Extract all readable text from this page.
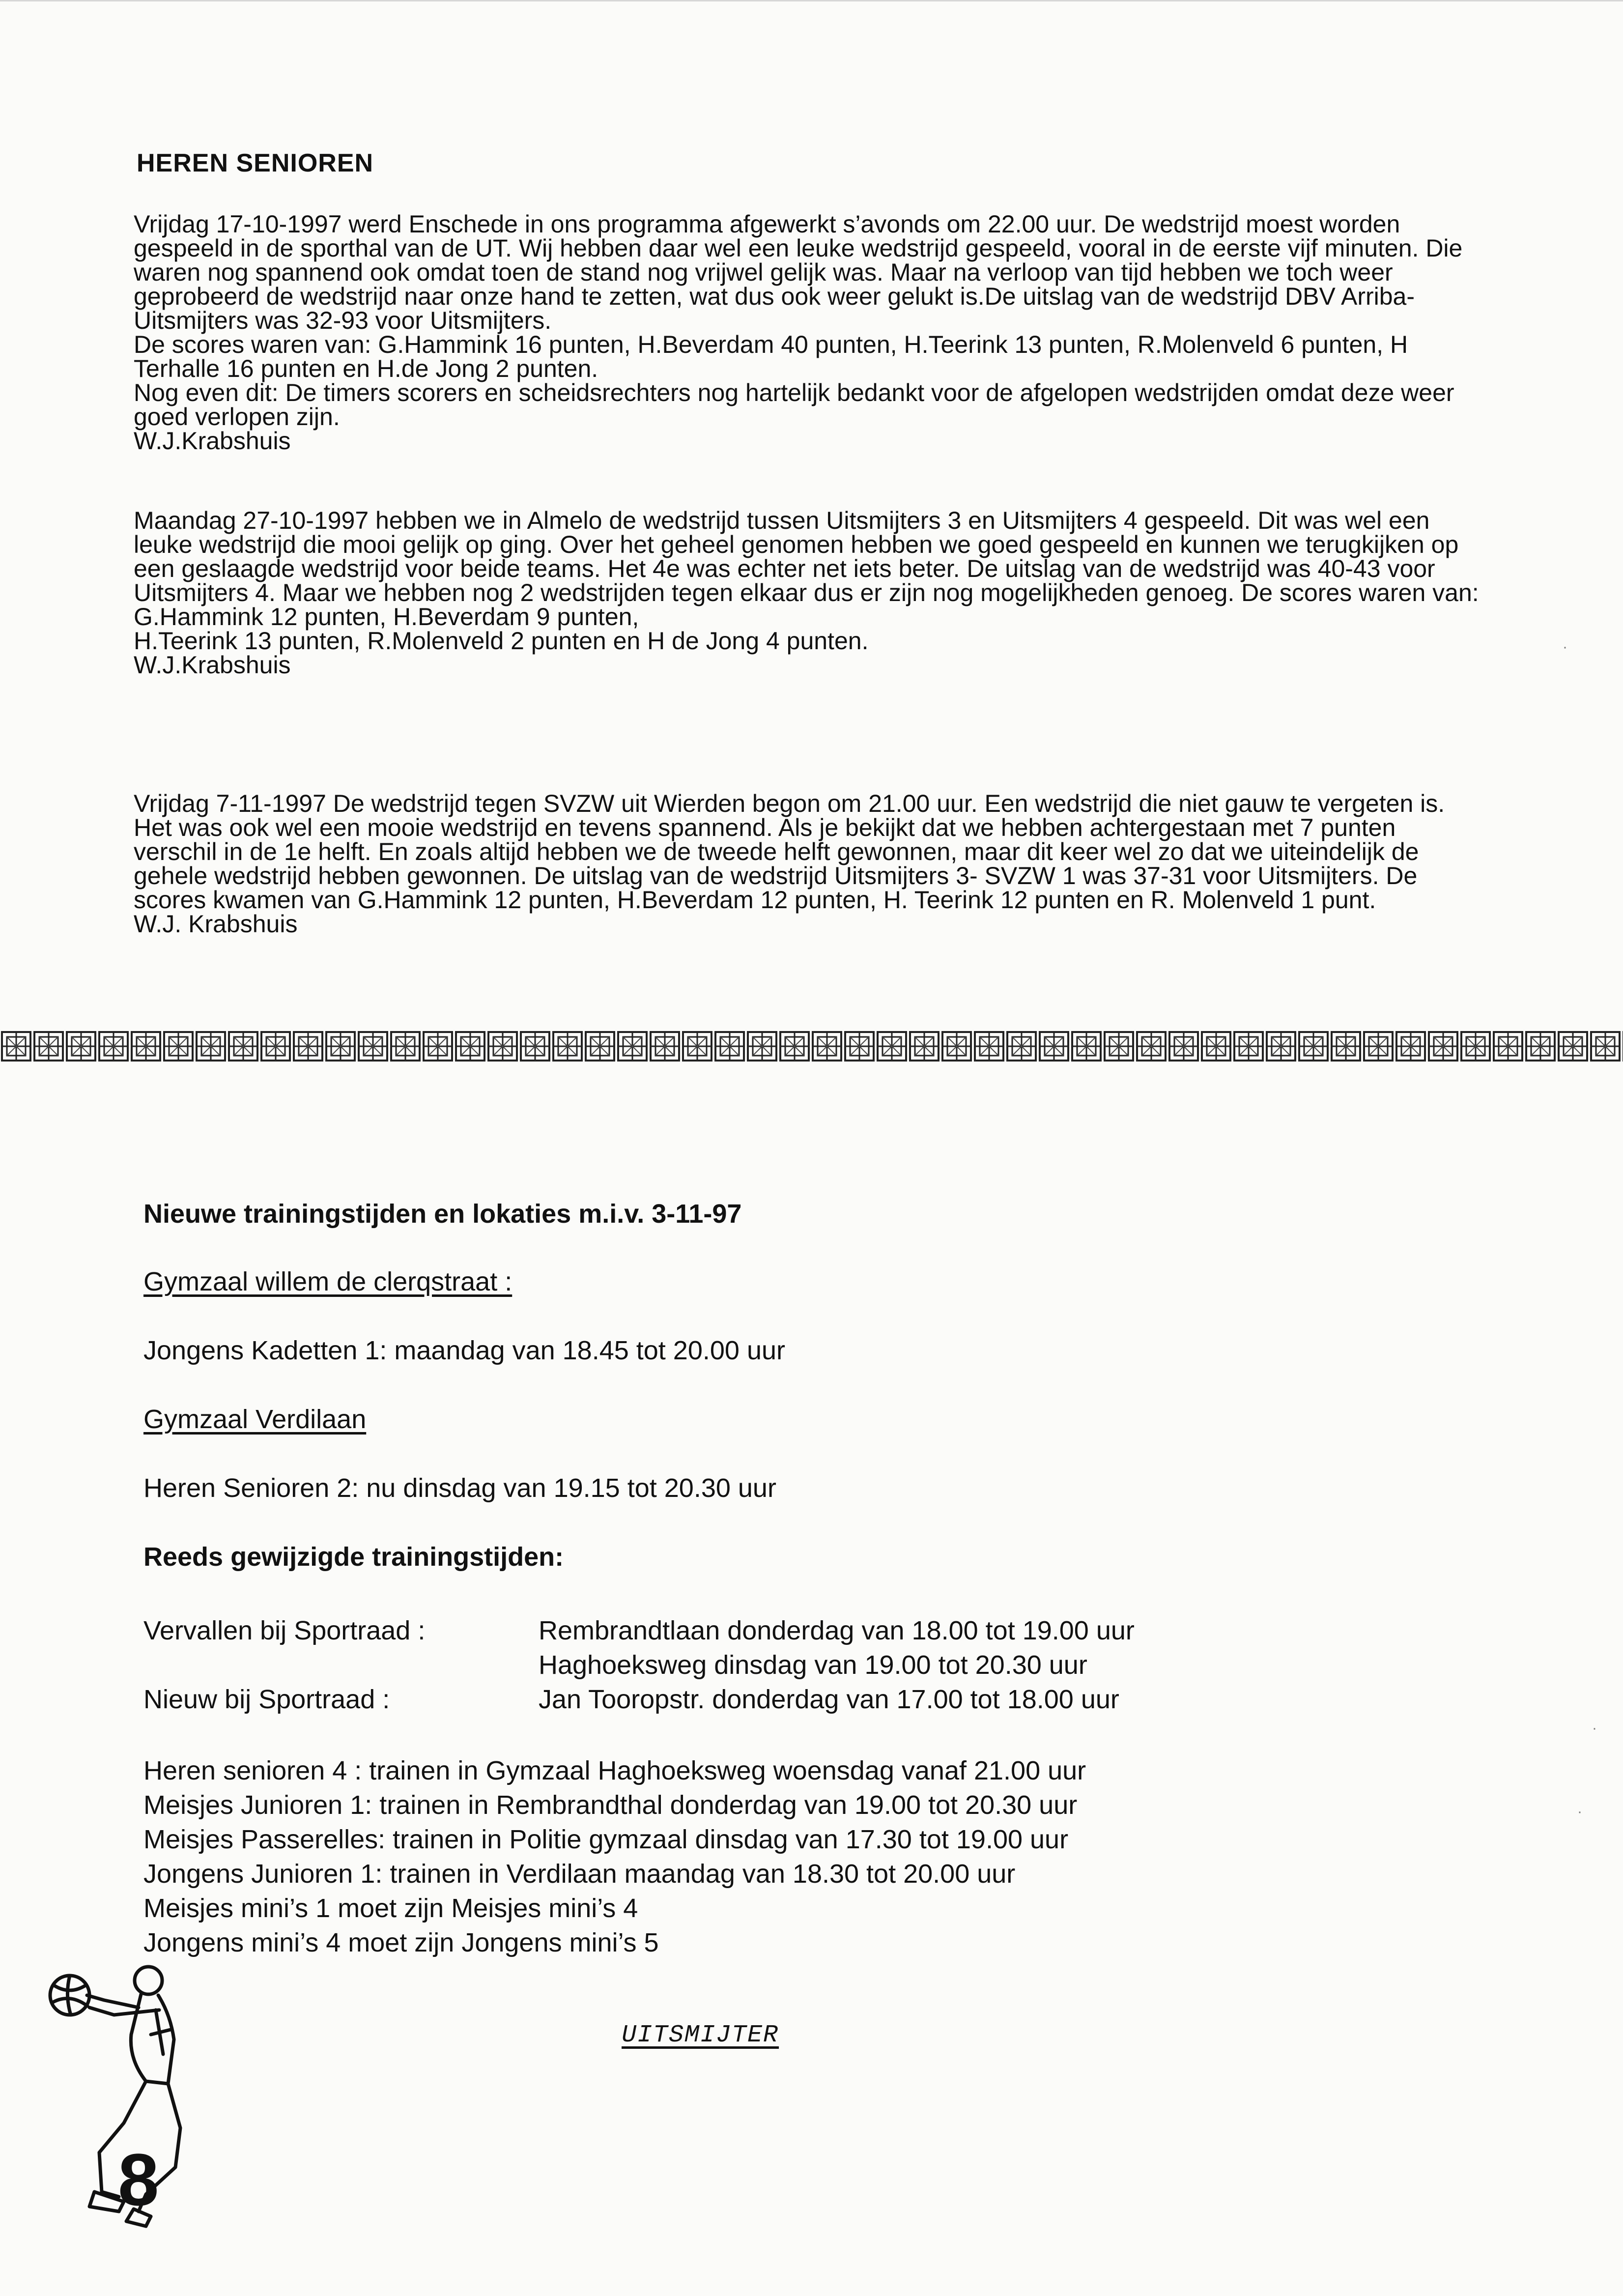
HEREN SENIOREN

Vrijdag 17-10-1997 werd Enschede in ons programma afgewerkt s’avonds om 22.00 uur. De wedstrijd moest worden gespeeld in de sporthal van de UT. Wij hebben daar wel een leuke wedstrijd gespeeld, vooral in de eerste vijf minuten. Die waren nog spannend ook omdat toen de stand nog vrijwel gelijk was. Maar na verloop van tijd hebben we toch weer geprobeerd de wedstrijd naar onze hand te zetten, wat dus ook weer gelukt is.De uitslag van de wedstrijd DBV Arriba- Uitsmijters was 32-93 voor Uitsmijters.

De scores waren van: G.Hammink 16 punten, H.Beverdam 40 punten, H.Teerink 13 punten, R.Molenveld 6 punten, H Terhalle 16 punten en H.de Jong 2 punten.

Nog even dit: De timers scorers en scheidsrechters nog hartelijk bedankt voor de afgelopen wedstrijden omdat deze weer goed verlopen zijn.

W.J.Krabshuis

Maandag 27-10-1997 hebben we in Almelo de wedstrijd tussen Uitsmijters 3 en Uitsmijters 4 gespeeld. Dit was wel een leuke wedstrijd die mooi gelijk op ging. Over het geheel genomen hebben we goed gespeeld en kunnen we terugkijken op een geslaagde wedstrijd voor beide teams. Het 4e was echter net iets beter. De uitslag van de wedstrijd was 40-43 voor Uitsmijters 4. Maar we hebben nog 2 wedstrijden tegen elkaar dus er zijn nog mogelijkheden genoeg. De scores waren van: G.Hammink 12 punten, H.Beverdam 9 punten,

H.Teerink 13 punten, R.Molenveld 2 punten en H de Jong 4 punten.

W.J.Krabshuis

Vrijdag 7-11-1997 De wedstrijd tegen SVZW uit Wierden begon om 21.00 uur. Een wedstrijd die niet gauw te vergeten is. Het was ook wel een mooie wedstrijd en tevens spannend. Als je bekijkt dat we hebben achtergestaan met 7 punten verschil in de 1e helft. En zoals altijd hebben we de tweede helft gewonnen, maar dit keer wel zo dat we uiteindelijk de gehele wedstrijd hebben gewonnen. De uitslag van de wedstrijd Uitsmijters 3- SVZW 1 was 37-31 voor Uitsmijters. De scores kwamen van G.Hammink 12 punten, H.Beverdam 12 punten, H. Teerink 12 punten en R. Molenveld 1 punt.

W.J. Krabshuis

Nieuwe trainingstijden en lokaties m.i.v. 3-11-97
Gymzaal willem de clerqstraat :
Jongens Kadetten 1: maandag van 18.45 tot 20.00 uur
Gymzaal Verdilaan
Heren Senioren 2: nu dinsdag van 19.15 tot 20.30 uur
Reeds gewijzigde trainingstijden:
Vervallen bij Sportraad :	Rembrandtlaan donderdag van 18.00 tot 19.00 uur
Haghoeksweg dinsdag van 19.00 tot 20.30 uur
Nieuw bij Sportraad :	Jan Tooropstr. donderdag van 17.00 tot 18.00 uur
Heren senioren 4 : trainen in Gymzaal Haghoeksweg woensdag vanaf 21.00 uur
Meisjes Junioren 1: trainen in Rembrandthal donderdag van 19.00 tot 20.30 uur
Meisjes Passerelles: trainen in Politie gymzaal dinsdag van 17.30 tot 19.00 uur
Jongens Junioren 1: trainen in Verdilaan maandag van 18.30 tot 20.00 uur
Meisjes mini’s 1 moet zijn Meisjes mini’s 4
Jongens mini’s 4 moet zijn Jongens mini’s 5
UITSMIJTER
8
·
·
·
